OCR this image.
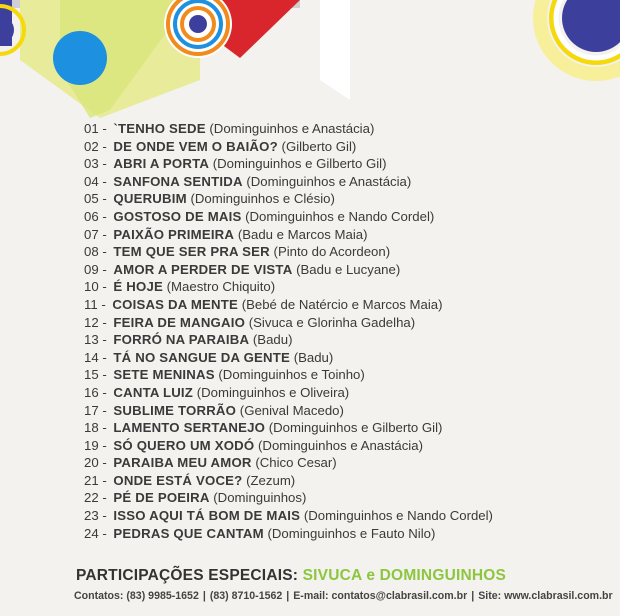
01 - `TENHO SEDE (Dominguinhos e Anastácia)
02 - DE ONDE VEM O BAIÃO? (Gilberto Gil)
03 - ABRI A PORTA (Dominguinhos e Gilberto Gil)
04 - SANFONA SENTIDA (Dominguinhos e Anastácia)
05 - QUERUBIM (Dominguinhos e Clésio)
06 - GOSTOSO DE MAIS (Dominguinhos e Nando Cordel)
07 - PAIXÃO PRIMEIRA (Badu e Marcos Maia)
08 - TEM QUE SER PRA SER (Pinto do Acordeon)
09 - AMOR A PERDER DE VISTA (Badu e Lucyane)
10 - É HOJE (Maestro Chiquito)
11 - COISAS DA MENTE (Bebé de Natércio e Marcos Maia)
12 - FEIRA DE MANGAIO (Sivuca e Glorinha Gadelha)
13 - FORRÓ NA PARAIBA (Badu)
14 - TÁ NO SANGUE DA GENTE (Badu)
15 - SETE MENINAS (Dominguinhos e Toinho)
16 - CANTA LUIZ (Dominguinhos e Oliveira)
17 - SUBLIME TORRÃO (Genival Macedo)
18 - LAMENTO SERTANEJO (Dominguinhos e Gilberto Gil)
19 - SÓ QUERO UM XODÓ (Dominguinhos e Anastácia)
20 - PARAIBA MEU AMOR (Chico Cesar)
21 - ONDE ESTÁ VOCE? (Zezum)
22 - PÉ DE POEIRA (Dominguinhos)
23 - ISSO AQUI TÁ BOM DE MAIS (Dominguinhos e Nando Cordel)
24 - PEDRAS QUE CANTAM (Dominguinhos e Fauto Nilo)
PARTICIPAÇÕES ESPECIAIS: SIVUCA e DOMINGUINHOS
Contatos: (83) 9985-1652 | (83) 8710-1562 | E-mail: contatos@clabrasil.com.br | Site: www.clabrasil.com.br
